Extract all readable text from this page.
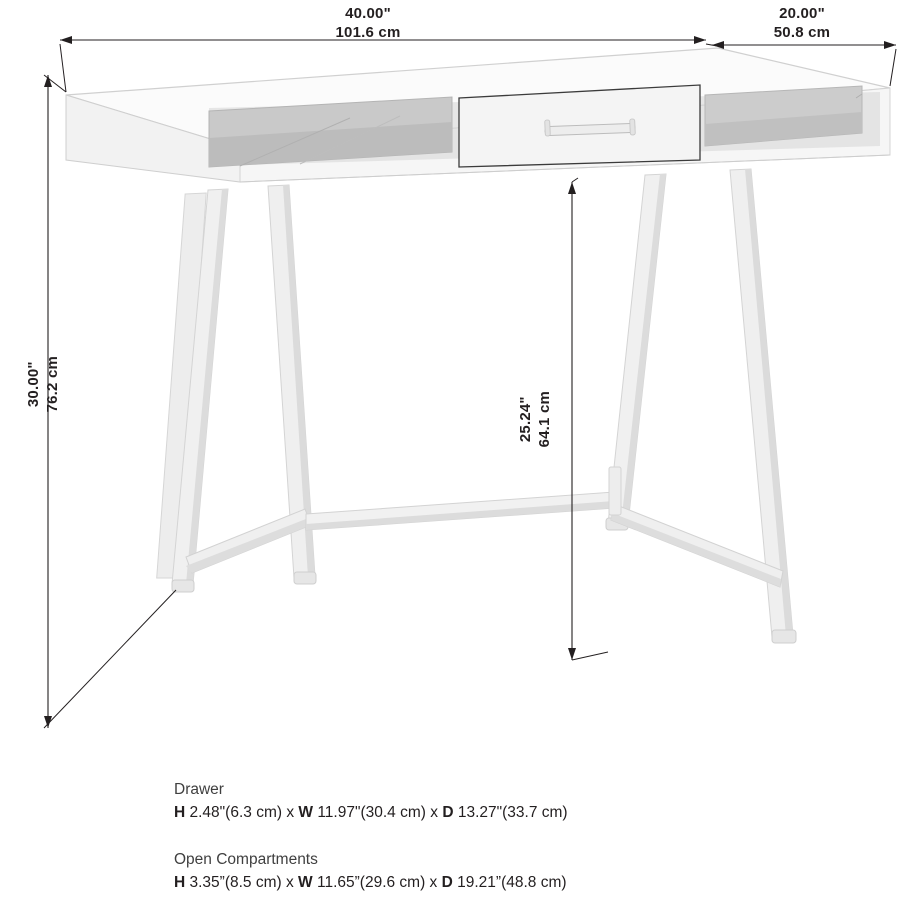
40.00"
101.6 cm
20.00"
50.8 cm
30.00" 76.2 cm
25.24" 64.1 cm
Drawer
H 2.48"(6.3 cm) x W 11.97"(30.4 cm) x D 13.27"(33.7 cm)
Open Compartments
H 3.35”(8.5 cm) x W 11.65”(29.6 cm) x D 19.21”(48.8 cm)
